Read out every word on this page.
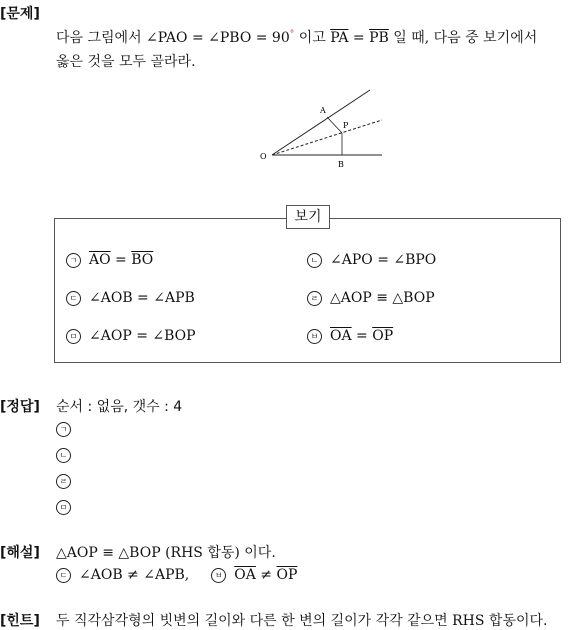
[문제]
다음 그림에서 ∠PAO = ∠PBO = 90° 이고 $\overline{PA} = \overline{PB}$ 일 때, 다음 중 보기에서
옳은 것을 모두 골라라.
A
P
O
B
보기
ㄱ $\overline{AO} = \overline{BO}$	ㄴ ∠APO = ∠BPO
ㄷ ∠AOB = ∠APB	ㄹ △AOP ≡ △BOP
ㅁ ∠AOP = ∠BOP	ㅂ $\overline{OA} = \overline{OP}$
[정답] 순서 : 없음, 갯수 : 4
ㄱ
ㄴ
ㄹ
ㅁ
[해설] △AOP ≡ △BOP (RHS 합동) 이다.
ㄷ ∠AOB ≠ ∠APB,	ㅂ $\overline{OA} \ne \overline{OP}$
[힌트] 두 직각삼각형의 빗변의 길이와 다른 한 변의 길이가 각각 같으면 RHS 합동이다.
